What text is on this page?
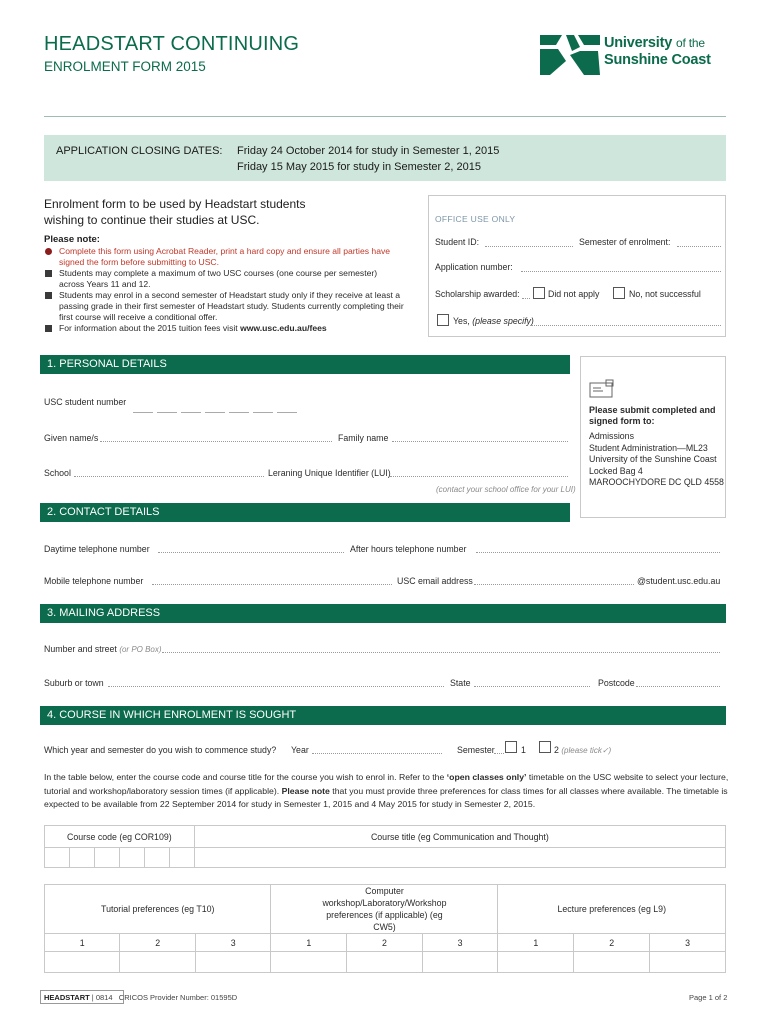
HEADSTART CONTINUING
ENROLMENT FORM 2015
University of the
Sunshine Coast
APPLICATION CLOSING DATES: Friday 24 October 2014 for study in Semester 1, 2015
Friday 15 May 2015 for study in Semester 2, 2015
Enrolment form to be used by Headstart students
wishing to continue their studies at USC.
Please note:
Complete this form using Acrobat Reader, print a hard copy and ensure all parties have signed the form before submitting to USC.
Students may complete a maximum of two USC courses (one course per semester) across Years 11 and 12.
Students may enrol in a second semester of Headstart study only if they receive at least a passing grade in their first semester of Headstart study. Students currently completing their first course will receive a conditional offer.
For information about the 2015 tuition fees visit www.usc.edu.au/fees
OFFICE USE ONLY
Student ID:	Semester of enrolment:
Application number:
Scholarship awarded:	Did not apply	No, not successful
Yes, (please specify)
1. PERSONAL DETAILS
USC student number
Given name/s	Family name
School	Leraning Unique Identifier (LUI)
(contact your school office for your LUI)
Please submit completed and signed form to:
Admissions
Student Administration—ML23
University of the Sunshine Coast
Locked Bag 4
MAROOCHYDORE DC QLD 4558
2. CONTACT DETAILS
Daytime telephone number	After hours telephone number
Mobile telephone number	USC email address	@student.usc.edu.au
3. MAILING ADDRESS
Number and street (or PO Box)
Suburb or town	State	Postcode
4. COURSE IN WHICH ENROLMENT IS SOUGHT
Which year and semester do you wish to commence study? Year	Semester	1	2 (please tick✓)
In the table below, enter the course code and course title for the course you wish to enrol in. Refer to the ‘open classes only’ timetable on the USC website to select your lecture, tutorial and workshop/laboratory session times (if applicable). Please note that you must provide three preferences for class times for all classes where available. The timetable is expected to be available from 22 September 2014 for study in Semester 1, 2015 and 4 May 2015 for study in Semester 2, 2015.
Course code (eg COR109)						Course title (eg Communication and Thought)

Tutorial preferences (eg T10)			Computer workshop/Laboratory/Workshop preferences (if applicable) (eg CW5)			Lecture preferences (eg L9)		
1	2	3	1	2	3	1	2	3

HEADSTART | 0814 CRICOS Provider Number: 01595D	Page 1 of 2
